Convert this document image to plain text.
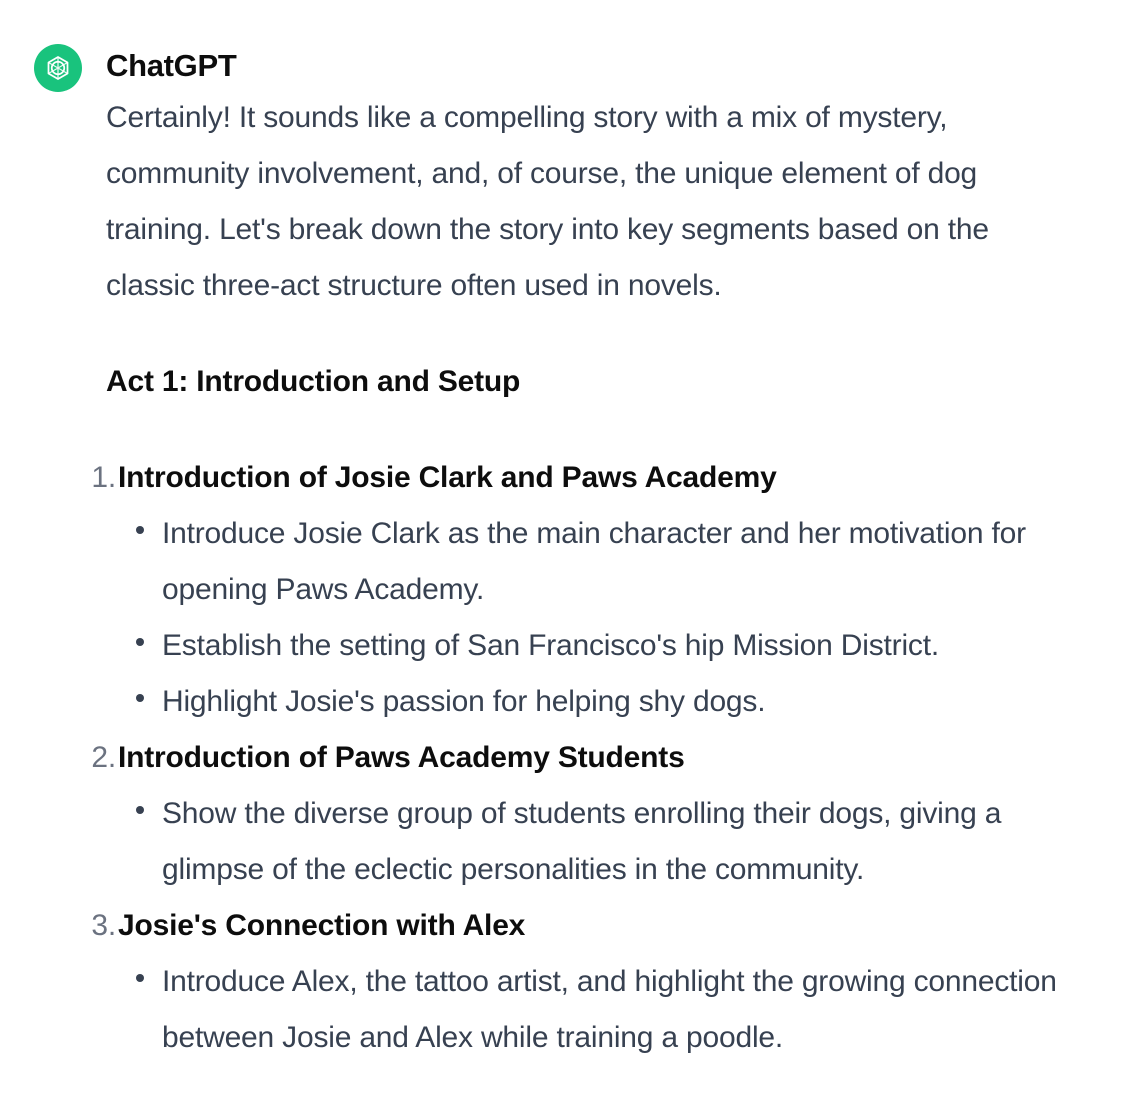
ChatGPT

Certainly! It sounds like a compelling story with a mix of mystery, community involvement, and, of course, the unique element of dog training. Let's break down the story into key segments based on the classic three-act structure often used in novels.

Act 1: Introduction and Setup

1. Introduction of Josie Clark and Paws Academy
Introduce Josie Clark as the main character and her motivation for opening Paws Academy.
Establish the setting of San Francisco's hip Mission District.
Highlight Josie's passion for helping shy dogs.
2. Introduction of Paws Academy Students
Show the diverse group of students enrolling their dogs, giving a glimpse of the eclectic personalities in the community.
3. Josie's Connection with Alex
Introduce Alex, the tattoo artist, and highlight the growing connection between Josie and Alex while training a poodle.
